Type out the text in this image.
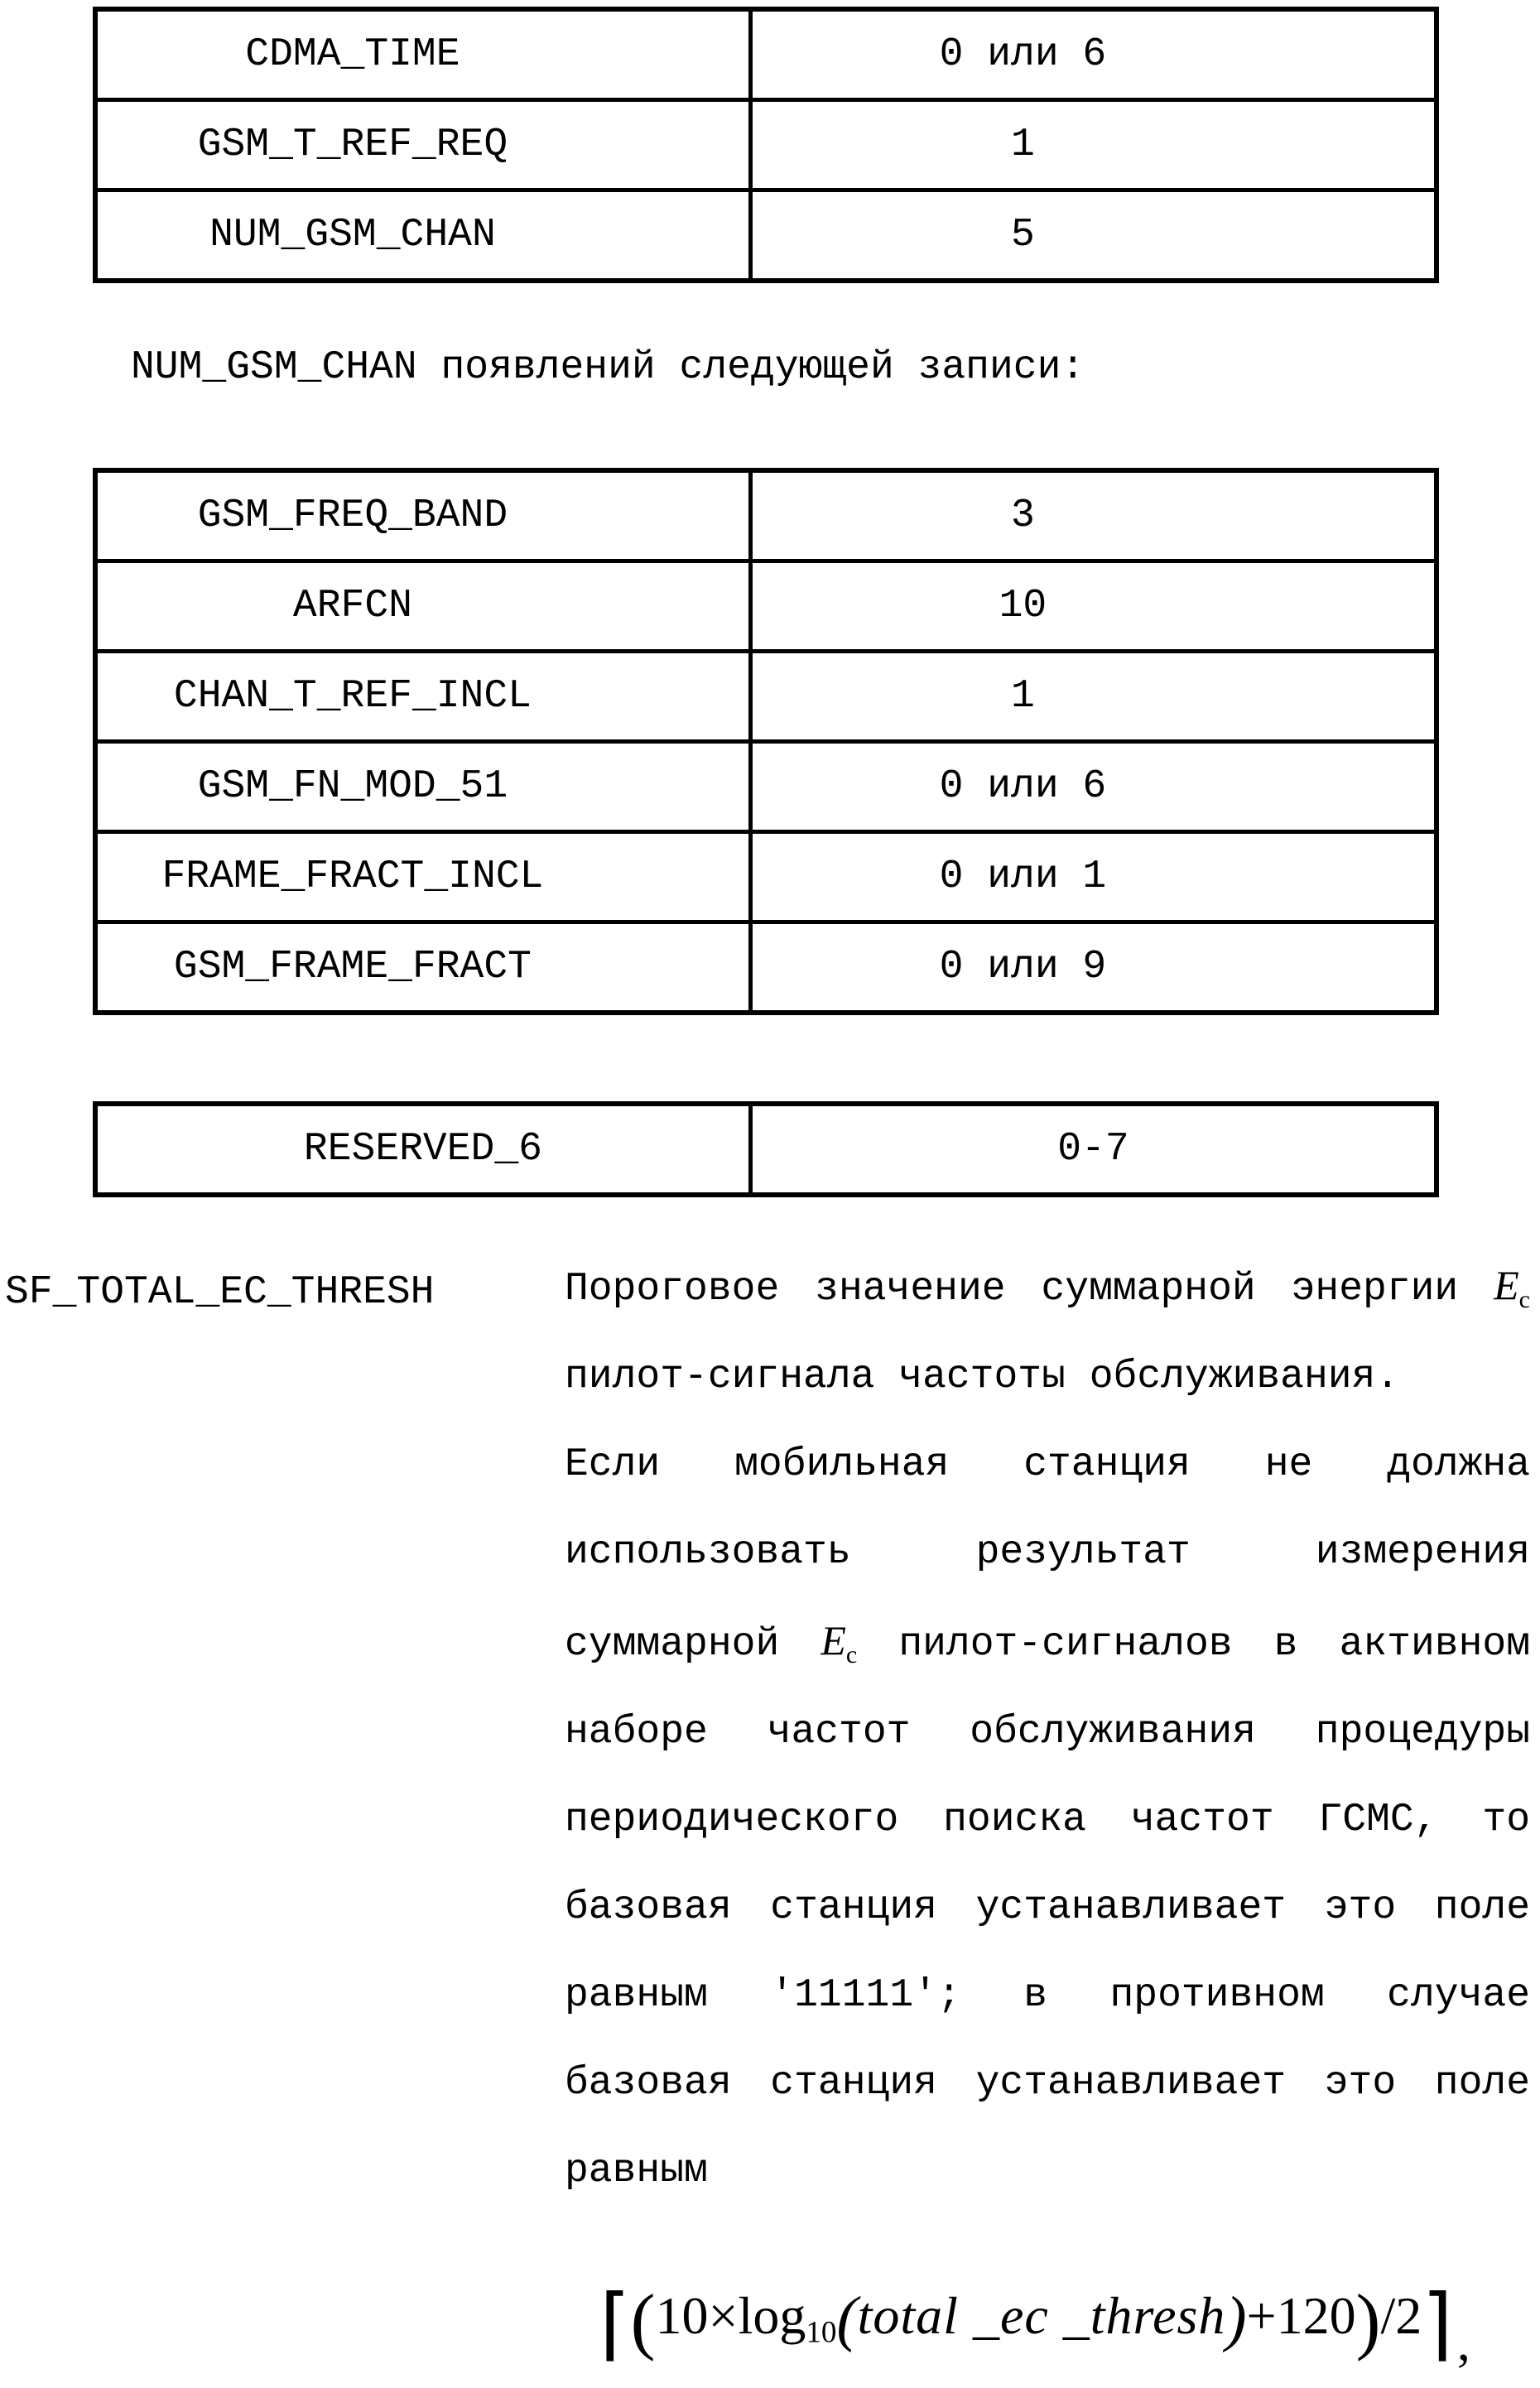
CDMA_TIME	0 или 6
GSM_T_REF_REQ	1
NUM_GSM_CHAN	5
NUM_GSM_CHAN появлений следующей записи:
GSM_FREQ_BAND	3
ARFCN	10
CHAN_T_REF_INCL	1
GSM_FN_MOD_51	0 или 6
FRAME_FRACT_INCL	0 или 1
GSM_FRAME_FRACT	0 или 9
RESERVED_6	0-7
SF_TOTAL_EC_THRESH	Пороговое значение суммарной энергии $E_c$
пилот-сигнала частоты обслуживания.
Если мобильная станция не должна
использовать результат измерения
суммарной $E_c$ пилот-сигналов в активном
наборе частот обслуживания процедуры
периодического поиска частот ГСМС, то
базовая станция устанавливает это поле
равным '11111'; в противном случае
базовая станция устанавливает это поле
равным
⌈(10×log10(total _ec _thresh)+120)/2⌉,
